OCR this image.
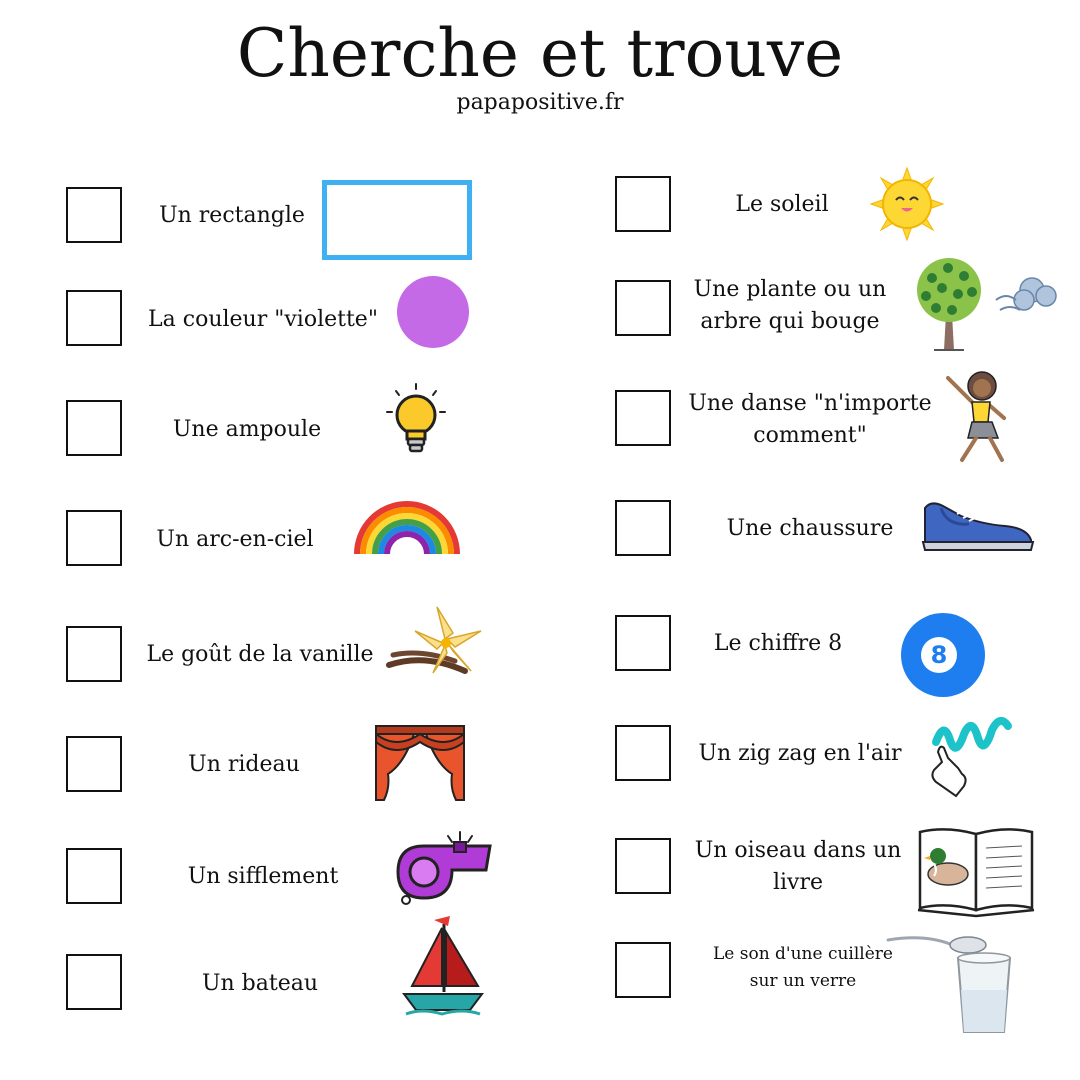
Cherche et trouve
papapositive.fr
Un rectangle
La couleur "violette"
Une ampoule
Un arc-en-ciel
Le goût de la vanille
Un rideau
Un sifflement
Un bateau
Le soleil
Une plante ou un
arbre qui bouge
Une danse "n'importe
comment"
Une chaussure
Le chiffre 8	8
Un zig zag en l'air
Un oiseau dans un
livre
Le son d'une cuillère
sur un verre
